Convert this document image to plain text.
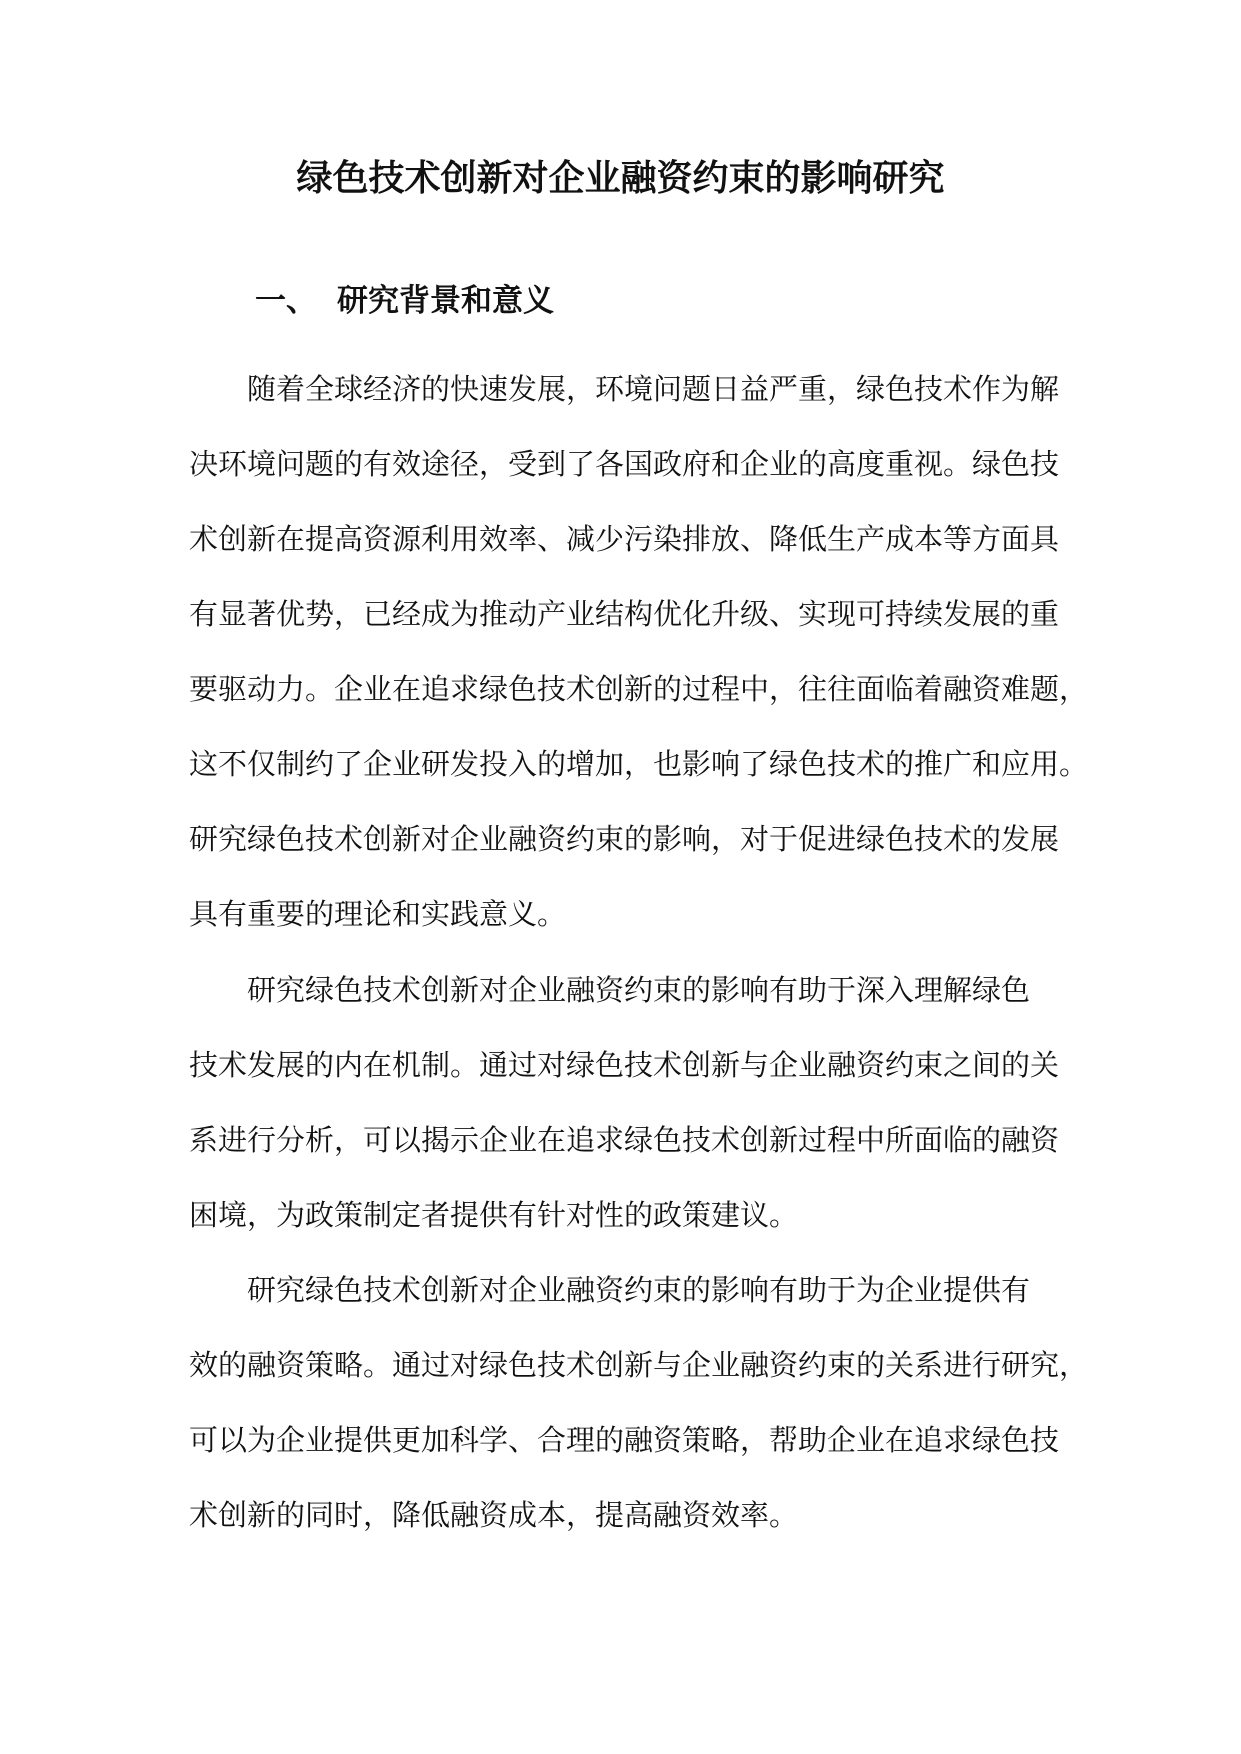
绿色技术创新对企业融资约束的影响研究
一、 研究背景和意义
　　随着全球经济的快速发展，环境问题日益严重，绿色技术作为解
决环境问题的有效途径，受到了各国政府和企业的高度重视。绿色技
术创新在提高资源利用效率、减少污染排放、降低生产成本等方面具
有显著优势，已经成为推动产业结构优化升级、实现可持续发展的重
要驱动力。企业在追求绿色技术创新的过程中，往往面临着融资难题，
这不仅制约了企业研发投入的增加，也影响了绿色技术的推广和应用。
研究绿色技术创新对企业融资约束的影响，对于促进绿色技术的发展
具有重要的理论和实践意义。
　　研究绿色技术创新对企业融资约束的影响有助于深入理解绿色
技术发展的内在机制。通过对绿色技术创新与企业融资约束之间的关
系进行分析，可以揭示企业在追求绿色技术创新过程中所面临的融资
困境，为政策制定者提供有针对性的政策建议。
　　研究绿色技术创新对企业融资约束的影响有助于为企业提供有
效的融资策略。通过对绿色技术创新与企业融资约束的关系进行研究，
可以为企业提供更加科学、合理的融资策略，帮助企业在追求绿色技
术创新的同时，降低融资成本，提高融资效率。
